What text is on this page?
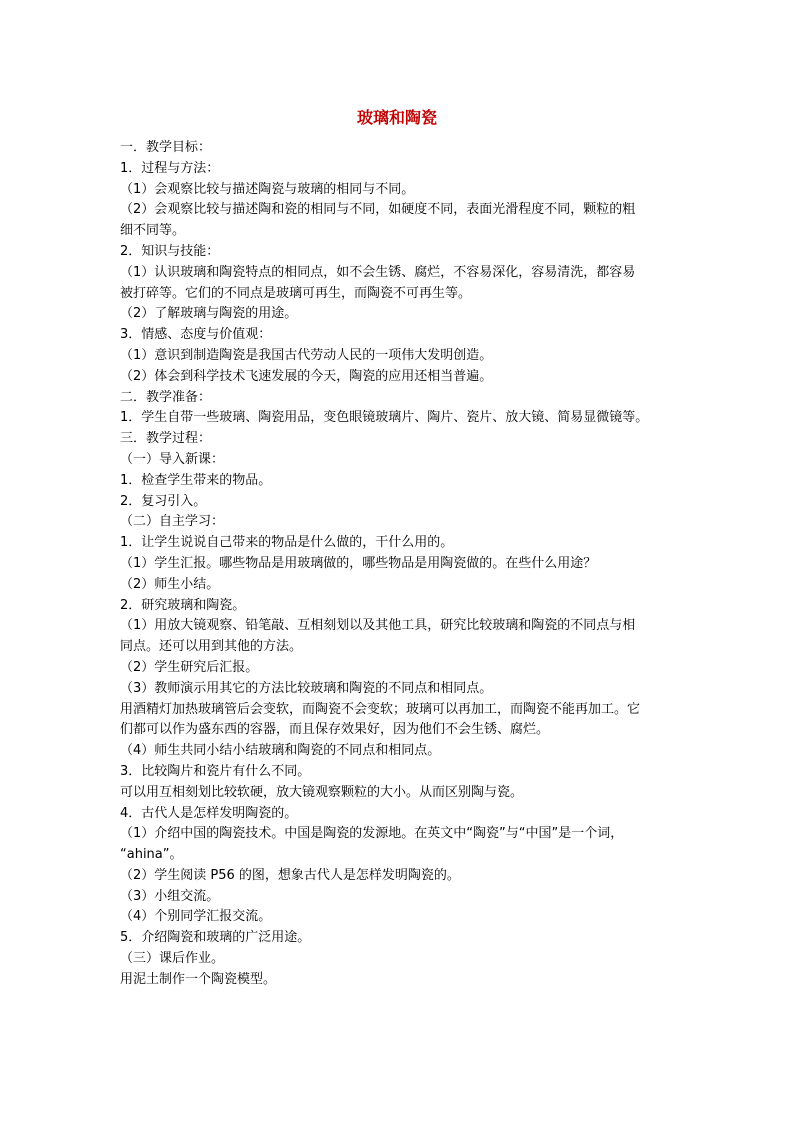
玻璃和陶瓷
一．教学目标：
1．过程与方法：
（1）会观察比较与描述陶瓷与玻璃的相同与不同。
（2）会观察比较与描述陶和瓷的相同与不同，如硬度不同，表面光滑程度不同，颗粒的粗
细不同等。
2．知识与技能：
（1）认识玻璃和陶瓷特点的相同点，如不会生锈、腐烂，不容易深化，容易清洗，都容易
被打碎等。它们的不同点是玻璃可再生，而陶瓷不可再生等。
（2）了解玻璃与陶瓷的用途。
3．情感、态度与价值观：
（1）意识到制造陶瓷是我国古代劳动人民的一项伟大发明创造。
（2）体会到科学技术飞速发展的今天，陶瓷的应用还相当普遍。
二．教学准备：
1．学生自带一些玻璃、陶瓷用品，变色眼镜玻璃片、陶片、瓷片、放大镜、简易显微镜等。
三．教学过程：
（一）导入新课：
1．检查学生带来的物品。
2．复习引入。
（二）自主学习：
1．让学生说说自己带来的物品是什么做的，干什么用的。
（1）学生汇报。哪些物品是用玻璃做的，哪些物品是用陶瓷做的。在些什么用途？
（2）师生小结。
2．研究玻璃和陶瓷。
（1）用放大镜观察、铅笔敲、互相刻划以及其他工具，研究比较玻璃和陶瓷的不同点与相
同点。还可以用到其他的方法。
（2）学生研究后汇报。
（3）教师演示用其它的方法比较玻璃和陶瓷的不同点和相同点。
用酒精灯加热玻璃管后会变软，而陶瓷不会变软；玻璃可以再加工，而陶瓷不能再加工。它
们都可以作为盛东西的容器，而且保存效果好，因为他们不会生锈、腐烂。
（4）师生共同小结小结玻璃和陶瓷的不同点和相同点。
3．比较陶片和瓷片有什么不同。
可以用互相刻划比较软硬，放大镜观察颗粒的大小。从而区别陶与瓷。
4．古代人是怎样发明陶瓷的。
（1）介绍中国的陶瓷技术。中国是陶瓷的发源地。在英文中“陶瓷”与“中国”是一个词，
“ahina”。
（2）学生阅读 P56 的图，想象古代人是怎样发明陶瓷的。
（3）小组交流。
（4）个别同学汇报交流。
5．介绍陶瓷和玻璃的广泛用途。
（三）课后作业。
用泥土制作一个陶瓷模型。
